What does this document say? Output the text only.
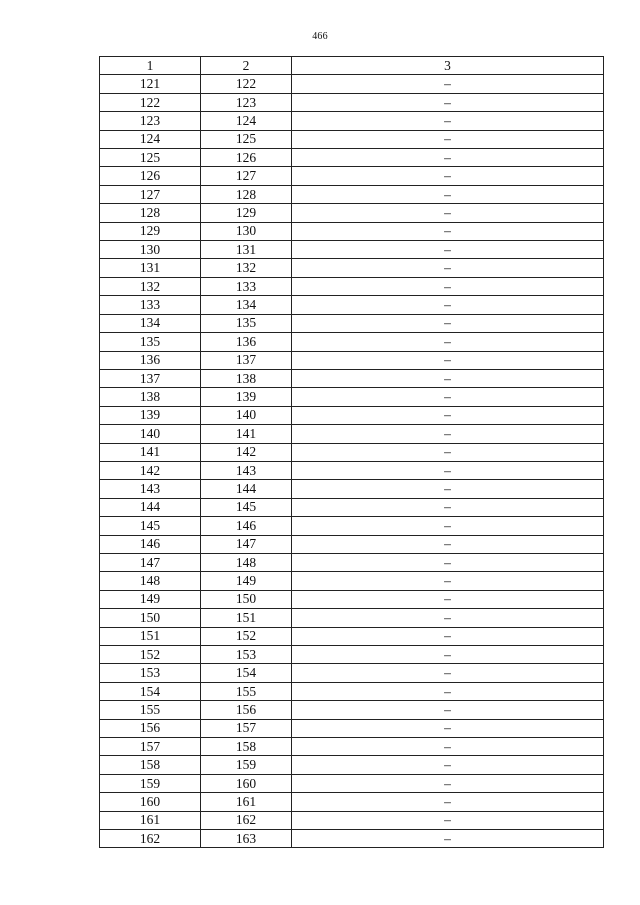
466
1	2	3
121	122	–
122	123	–
123	124	–
124	125	–
125	126	–
126	127	–
127	128	–
128	129	–
129	130	–
130	131	–
131	132	–
132	133	–
133	134	–
134	135	–
135	136	–
136	137	–
137	138	–
138	139	–
139	140	–
140	141	–
141	142	–
142	143	–
143	144	–
144	145	–
145	146	–
146	147	–
147	148	–
148	149	–
149	150	–
150	151	–
151	152	–
152	153	–
153	154	–
154	155	–
155	156	–
156	157	–
157	158	–
158	159	–
159	160	–
160	161	–
161	162	–
162	163	–
